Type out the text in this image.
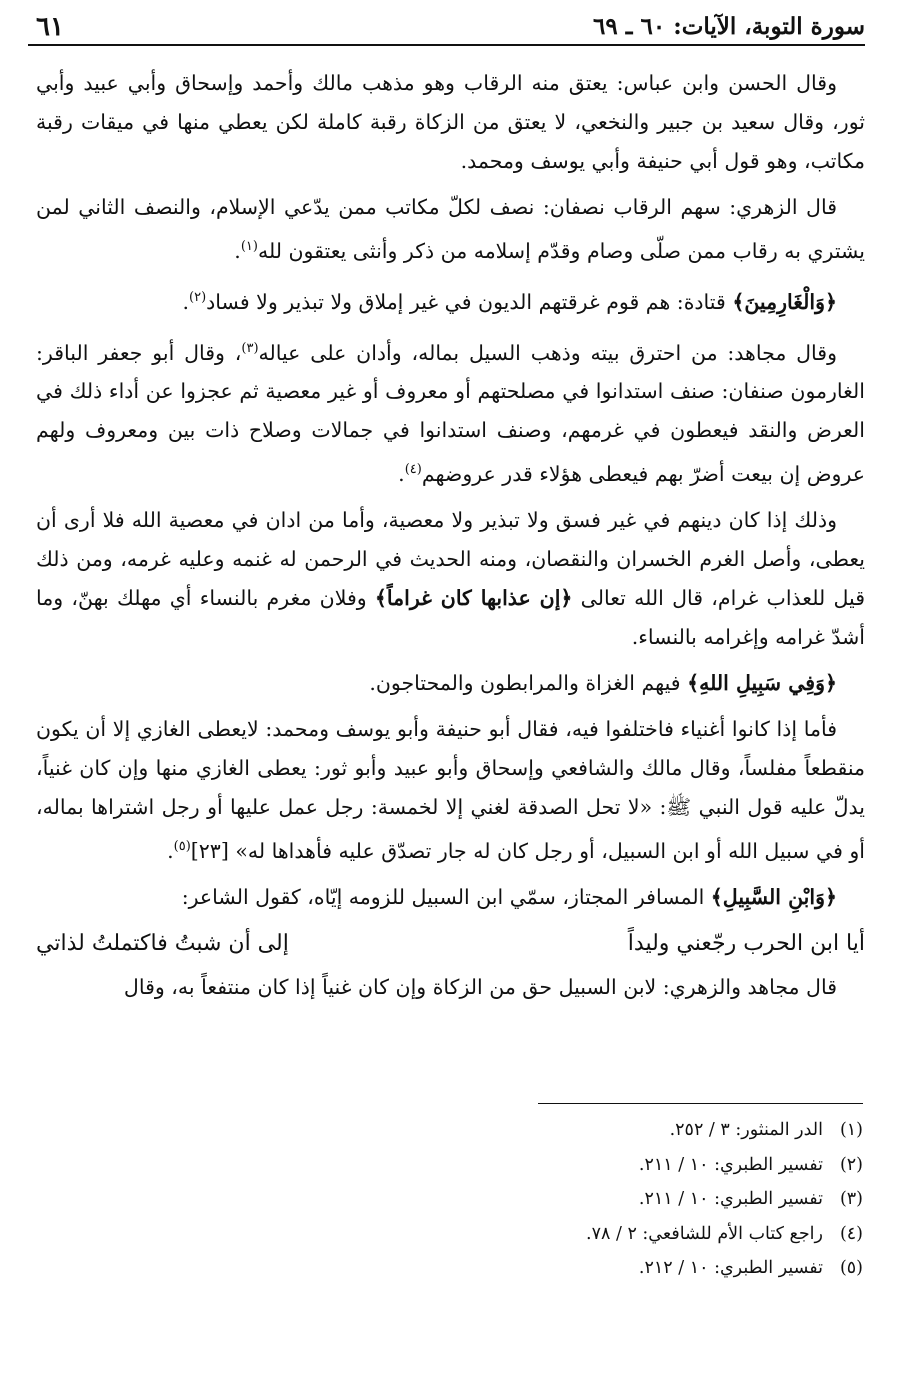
٦١	سورة التوبة، الآيات: ٦٠ ـ ٦٩

وقال الحسن وابن عباس: يعتق منه الرقاب وهو مذهب مالك وأحمد وإسحاق وأبي عبيد وأبي ثور، وقال سعيد بن جبير والنخعي، لا يعتق من الزكاة رقبة كاملة لكن يعطي منها في ميقات رقبة مكاتب، وهو قول أبي حنيفة وأبي يوسف ومحمد.

قال الزهري: سهم الرقاب نصفان: نصف لكلّ مكاتب ممن يدّعي الإسلام، والنصف الثاني لمن يشتري به رقاب ممن صلّى وصام وقدّم إسلامه من ذكر وأنثى يعتقون لله$^{(١)}$.

﴿وَالْغَارِمِينَ﴾ قتادة: هم قوم غرقتهم الديون في غير إملاق ولا تبذير ولا فساد$^{(٢)}$.

وقال مجاهد: من احترق بيته وذهب السيل بماله، وأدان على عياله$^{(٣)}$، وقال أبو جعفر الباقر: الغارمون صنفان: صنف استدانوا في مصلحتهم أو معروف أو غير معصية ثم عجزوا عن أداء ذلك في العرض والنقد فيعطون في غرمهم، وصنف استدانوا في جمالات وصلاح ذات بين ومعروف ولهم عروض إن بيعت أضرّ بهم فيعطى هؤلاء قدر عروضهم$^{(٤)}$.

وذلك إذا كان دينهم في غير فسق ولا تبذير ولا معصية، وأما من ادان في معصية الله فلا أرى أن يعطى، وأصل الغرم الخسران والنقصان، ومنه الحديث في الرحمن له غنمه وعليه غرمه، ومن ذلك قيل للعذاب غرام، قال الله تعالى ﴿إن عذابها كان غراماً﴾ وفلان مغرم بالنساء أي مهلك بهنّ، وما أشدّ غرامه وإغرامه بالنساء.

﴿وَفِي سَبِيلِ اللهِ﴾ فيهم الغزاة والمرابطون والمحتاجون.

فأما إذا كانوا أغنياء فاختلفوا فيه، فقال أبو حنيفة وأبو يوسف ومحمد: لايعطى الغازي إلا أن يكون منقطعاً مفلساً، وقال مالك والشافعي وإسحاق وأبو عبيد وأبو ثور: يعطى الغازي منها وإن كان غنياً، يدلّ عليه قول النبي ﷺ: «لا تحل الصدقة لغني إلا لخمسة: رجل عمل عليها أو رجل اشتراها بماله، أو في سبيل الله أو ابن السبيل، أو رجل كان له جار تصدّق عليه فأهداها له» [٢٣]$^{(٥)}$.

﴿وَابْنِ السَّبِيلِ﴾ المسافر المجتاز، سمّي ابن السبيل للزومه إيّاه، كقول الشاعر:

أيا ابن الحرب رجّعني وليداً
إلى أن شبتُ فاكتملتُ لذاتي

قال مجاهد والزهري: لابن السبيل حق من الزكاة وإن كان غنياً إذا كان منتفعاً به، وقال

(١)
الدر المنثور: ٣ / ٢٥٢.
(٢)
تفسير الطبري: ١٠ / ٢١١.
(٣)
تفسير الطبري: ١٠ / ٢١١.
(٤)
راجع كتاب الأم للشافعي: ٢ / ٧٨.
(٥)
تفسير الطبري: ١٠ / ٢١٢.
